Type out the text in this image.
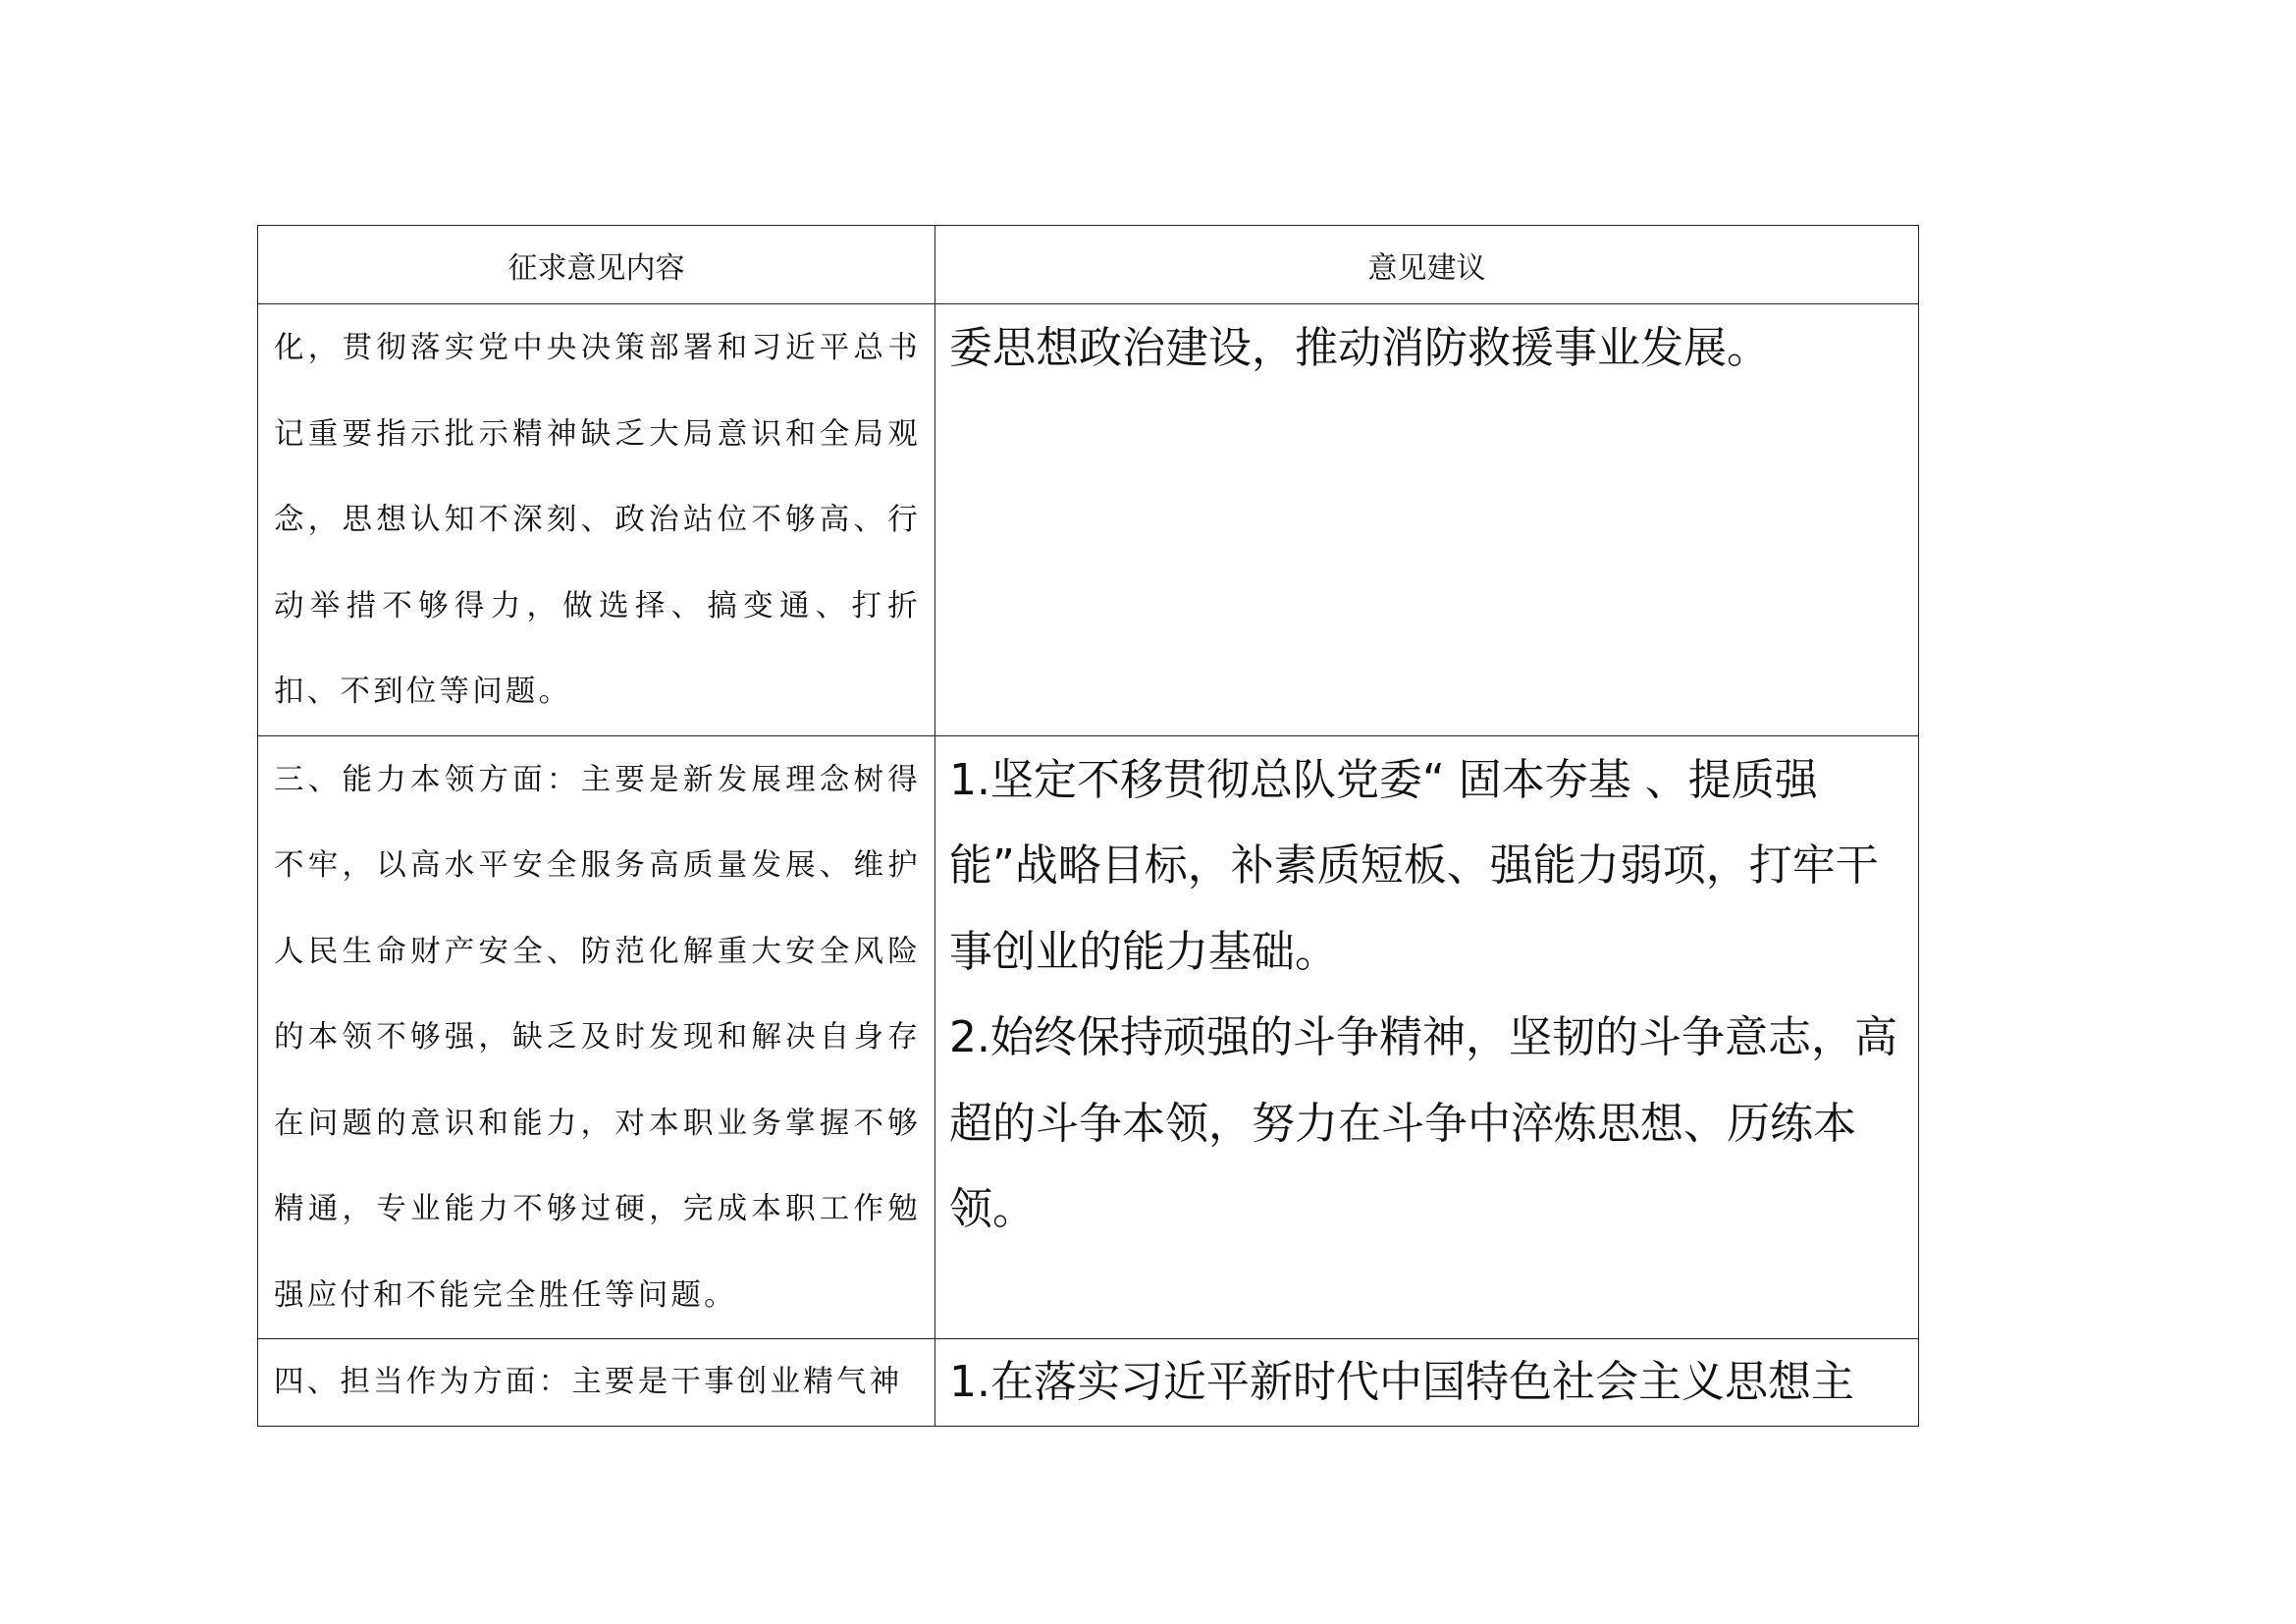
征求意见内容	意见建议

化，贯彻落实党中央决策部署和习近平总书记重要指示批示精神缺乏大局意识和全局观念，思想认知不深刻、政治站位不够高、行动举措不够得力，做选择、搞变通、打折扣、不到位等问题。	委思想政治建设，推动消防救援事业发展。

三、能力本领方面：主要是新发展理念树得不牢，以高水平安全服务高质量发展、维护人民生命财产安全、防范化解重大安全风险的本领不够强，缺乏及时发现和解决自身存在问题的意识和能力，对本职业务掌握不够精通，专业能力不够过硬，完成本职工作勉强应付和不能完全胜任等问题。	1.坚定不移贯彻总队党委“ 固本夯基 、提质强能”战略目标，补素质短板、强能力弱项，打牢干事创业的能力基础。

2.始终保持顽强的斗争精神，坚韧的斗争意志，高超的斗争本领，努力在斗争中淬炼思想、历练本领。

四、担当作为方面：主要是干事创业精气神	1.在落实习近平新时代中国特色社会主义思想主
